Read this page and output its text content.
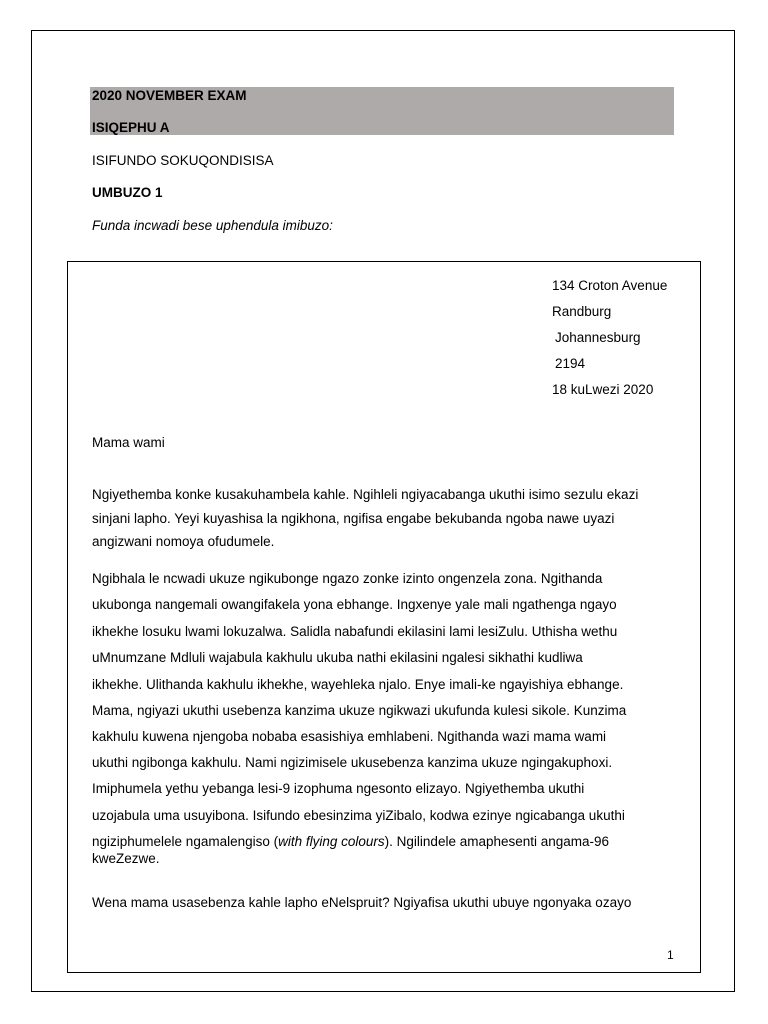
2020 NOVEMBER EXAM
ISIQEPHU A
ISIFUNDO SOKUQONDISISA
UMBUZO 1
Funda incwadi bese uphendula imibuzo:
134 Croton Avenue
Randburg
Johannesburg
2194
18 kuLwezi 2020
Mama wami
Ngiyethemba konke kusakuhambela kahle. Ngihleli ngiyacabanga ukuthi isimo sezulu ekazi
sinjani lapho. Yeyi kuyashisa la ngikhona, ngifisa engabe bekubanda ngoba nawe uyazi
angizwani nomoya ofudumele.
Ngibhala le ncwadi ukuze ngikubonge ngazo zonke izinto ongenzela zona. Ngithanda
ukubonga nangemali owangifakela yona ebhange. Ingxenye yale mali ngathenga ngayo
ikhekhe losuku lwami lokuzalwa. Salidla nabafundi ekilasini lami lesiZulu. Uthisha wethu
uMnumzane Mdluli wajabula kakhulu ukuba nathi ekilasini ngalesi sikhathi kudliwa
ikhekhe. Ulithanda kakhulu ikhekhe, wayehleka njalo. Enye imali-ke ngayishiya ebhange.
Mama, ngiyazi ukuthi usebenza kanzima ukuze ngikwazi ukufunda kulesi sikole. Kunzima
kakhulu kuwena njengoba nobaba esasishiya emhlabeni. Ngithanda wazi mama wami
ukuthi ngibonga kakhulu. Nami ngizimisele ukusebenza kanzima ukuze ngingakuphoxi.
Imiphumela yethu yebanga lesi-9 izophuma ngesonto elizayo. Ngiyethemba ukuthi
uzojabula uma usuyibona. Isifundo ebesinzima yiZibalo, kodwa ezinye ngicabanga ukuthi
ngiziphumelele ngamalengiso (with flying colours). Ngilindele amaphesenti angama-96
kweZezwe.
Wena mama usasebenza kahle lapho eNelspruit? Ngiyafisa ukuthi ubuye ngonyaka ozayo
1
